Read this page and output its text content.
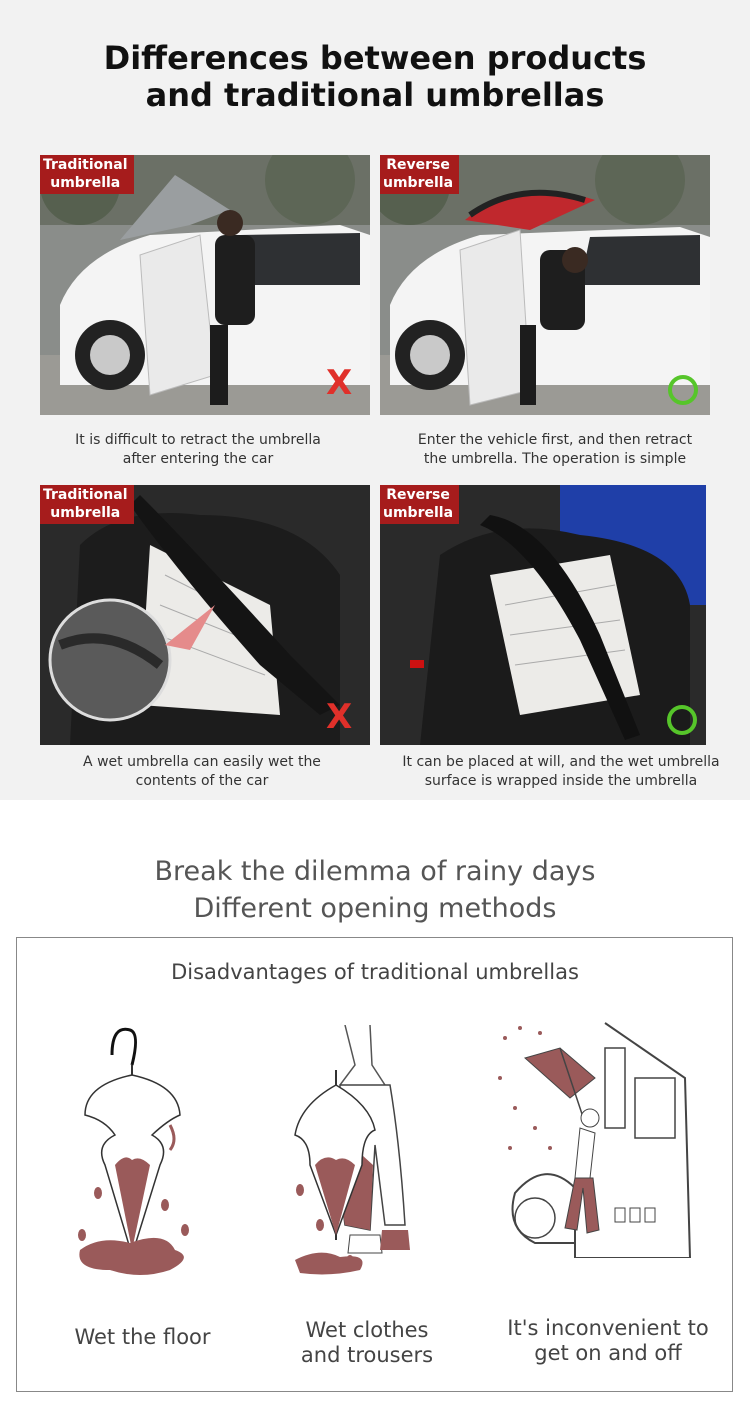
Differences between products
and traditional umbrellas
Traditional
umbrella
X
Reverse
umbrella
It is difficult to retract the umbrella
after entering the car
Enter the vehicle first, and then retract
the umbrella. The operation is simple
Traditional
umbrella
X
Reverse
umbrella
A wet umbrella can easily wet the
contents of the car
It can be placed at will, and the wet umbrella
surface is wrapped inside the umbrella
Break the dilemma of rainy days
Different opening methods
Disadvantages of traditional umbrellas
Wet the floor	Wet clothes
and trousers
It's inconvenient to
get on and off
